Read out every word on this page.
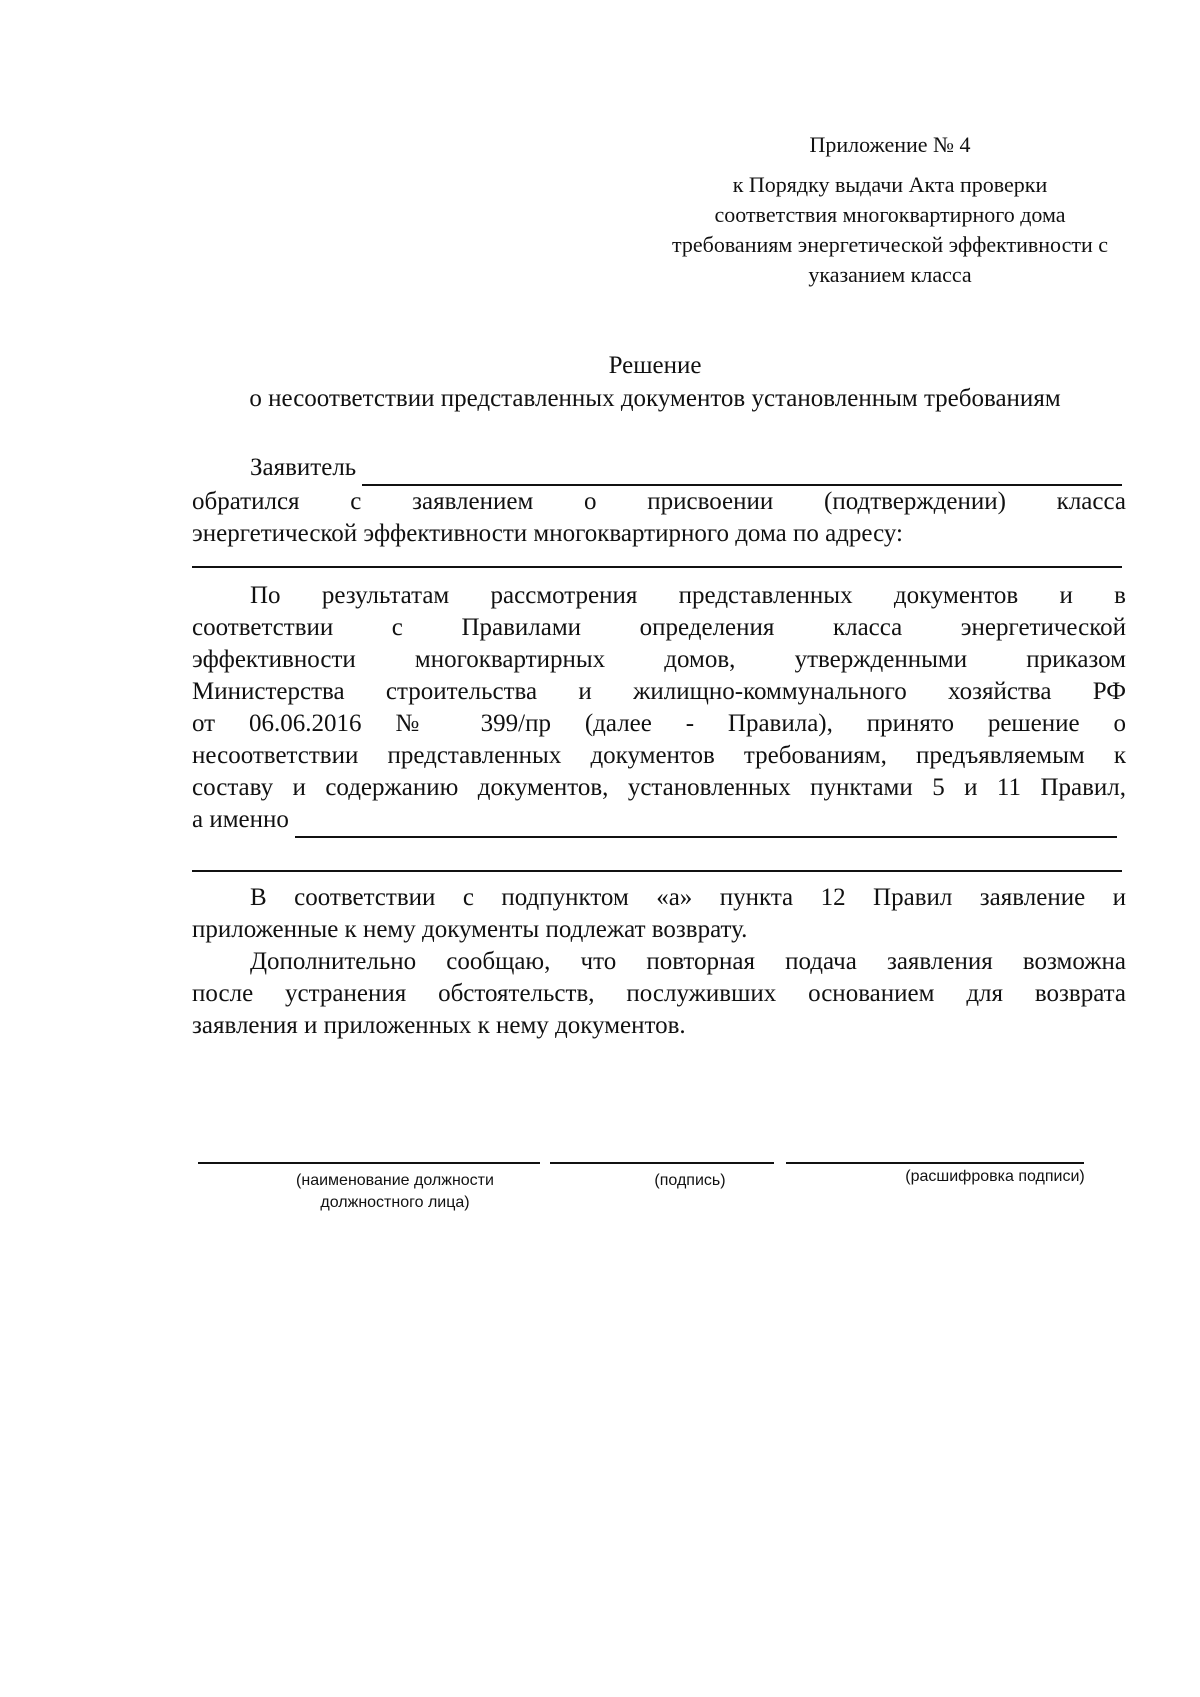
Приложение № 4
к Порядку выдачи Акта проверки
соответствия многоквартирного дома
требованиям энергетической эффективности с
указанием класса
Решение
о несоответствии представленных документов установленным требованиям
Заявитель
обратился с заявлением о присвоении (подтверждении) класса
энергетической эффективности многоквартирного дома по адресу:
По результатам рассмотрения представленных документов и в
соответствии с Правилами определения класса энергетической
эффективности многоквартирных домов, утвержденными приказом
Министерства строительства и жилищно-коммунального хозяйства РФ
от 06.06.2016 № 399/пр (далее - Правила), принято решение о
несоответствии представленных документов требованиям, предъявляемым к
составу и содержанию документов, установленных пунктами 5 и 11 Правил,
а именно
В соответствии с подпунктом «а» пункта 12 Правил заявление и
приложенные к нему документы подлежат возврату.
Дополнительно сообщаю, что повторная подача заявления возможна
после устранения обстоятельств, послуживших основанием для возврата
заявления и приложенных к нему документов.
(наименование должности
должностного лица)
(подпись)	(расшифровка подписи)
